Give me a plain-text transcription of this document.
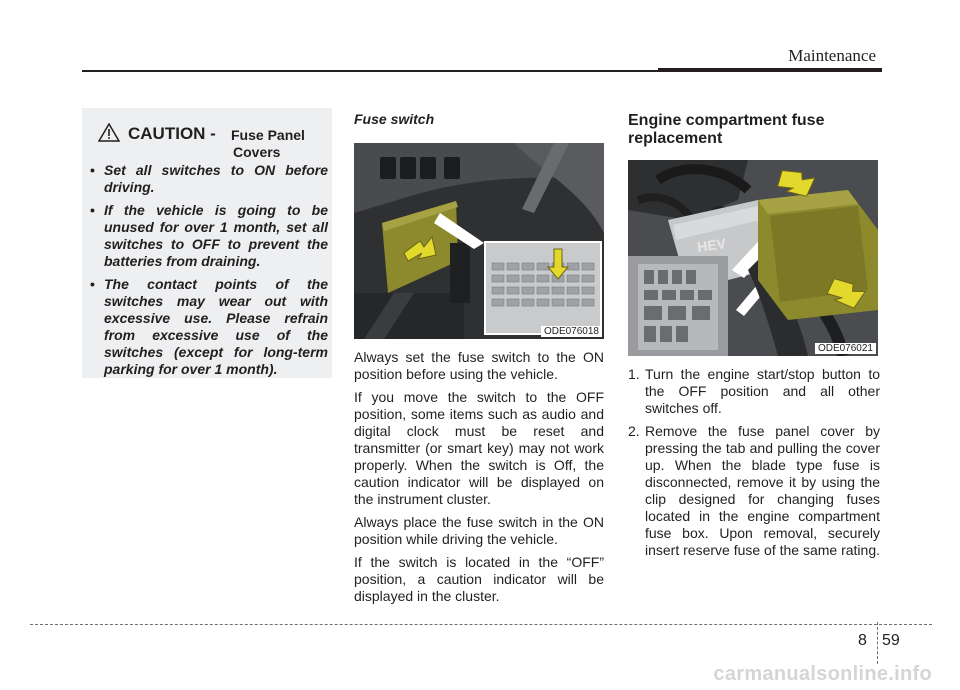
Maintenance
CAUTION - Fuse Panel
Covers
• Set all switches to ON before driving.
• If the vehicle is going to be unused for over 1 month, set all switches to OFF to prevent the batteries from draining.
• The contact points of the switches may wear out with excessive use. Please refrain from excessive use of the switches (except for long-term parking for over 1 month).
Fuse switch
ODE076018

Always set the fuse switch to the ON position before using the vehicle.

If you move the switch to the OFF position, some items such as audio and digital clock must be reset and transmitter (or smart key) may not work properly. When the switch is Off, the caution indicator will be displayed on the instrument cluster.

Always place the fuse switch in the ON position while driving the vehicle.

If the switch is located in the “OFF” position, a caution indicator will be displayed in the cluster.

Engine compartment fuse replacement
HEV
ODE076021
1. Turn the engine start/stop button to the OFF position and all other switches off.
2. Remove the fuse panel cover by pressing the tab and pulling the cover up. When the blade type fuse is disconnected, remove it by using the clip designed for changing fuses located in the engine compartment fuse box. Upon removal, securely insert reserve fuse of the same rating.
8 59
carmanualsonline.info
